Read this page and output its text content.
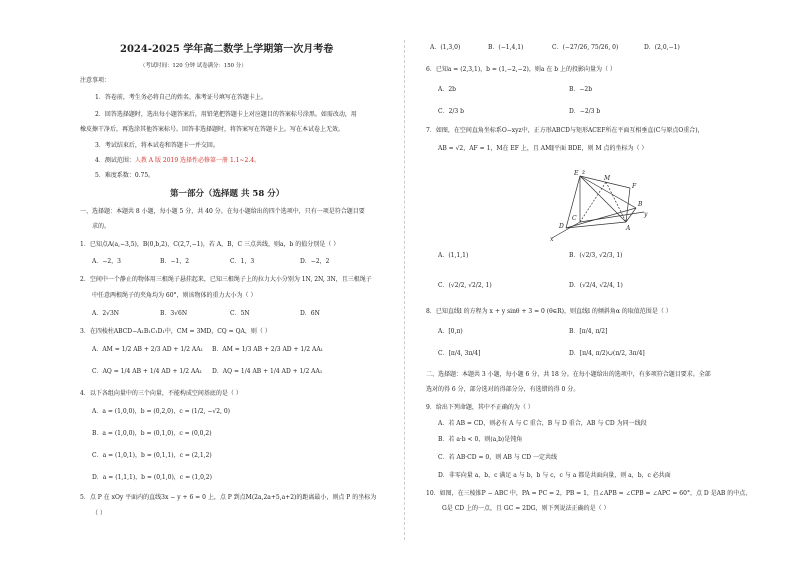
2024-2025 学年高二数学上学期第一次月考卷
（考试时间：120 分钟 试卷满分：150 分）
注意事项：
1．答卷前，考生务必将自己的姓名、准考证号填写在答题卡上。
2．回答选择题时，选出每小题答案后，用铅笔把答题卡上对应题目的答案标号涂黑。如需改动，用
橡皮擦干净后，再选涂其他答案标号。回答非选择题时，将答案写在答题卡上。写在本试卷上无效。
3．考试结束后，将本试卷和答题卡一并交回。
4．测试范围：人教 A 版 2019 选择性必修第一册 1.1~2.4。
5．难度系数：0.75。
第一部分（选择题 共 58 分）
一、选择题：本题共 8 小题，每小题 5 分，共 40 分。在每小题给出的四个选项中，只有一项是符合题目要
求的。
1．已知点A(a,−3,5)，B(0,b,2)，C(2,7,−1)，若 A，B，C 三点共线，则a，b 的值分别是（ ）
A．−2，3	B．−1，2	C．1，3	D．−2，2
2．空间中一个静止的物体用三根绳子悬挂起来，已知三根绳子上的拉力大小分别为 1N, 2N, 3N，且三根绳子
中任意两根绳子的夹角均为 60°，则该物体的重力大小为（ ）
A．2√3N	B．3√6N	C．5N	D．6N
3．在四棱柱ABCD−A₁B₁C₁D₁中，CM = 3MD，CQ = QA，则（ ）
A．AM = 1/2 AB + 2/3 AD + 1/2 AA₁ B．AM = 1/3 AB + 2/3 AD + 1/2 AA₁
C．AQ = 1/4 AB + 1/4 AD + 1/2 AA₁ D．AQ = 1/4 AB + 1/4 AD + 1/2 AA₁
4．以下各组向量中的三个向量，不能构成空间基底的是（ ）
A．a = (1,0,0)，b = (0,2,0)，c = (1/2, −√2, 0)
B．a = (1,0,0)，b = (0,1,0)，c = (0,0,2)
C．a = (1,0,1)，b = (0,1,1)，c = (2,1,2)
D．a = (1,1,1)，b = (0,1,0)，c = (1,0,2)
5．点 P 在 xOy 平面内的直线3x − y + 6 = 0 上，点 P 到点M(2a,2a+5,a+2)的距离最小，则点 P 的坐标为
（ ）
A．(1,3,0)	B．(−1,4,1)	C．(−27/26, 75/26, 0)	D．(2,0,−1)
6．已知a = (2,3,1)，b = (1,−2,−2)，则a 在 b 上的投影向量为（ ）
A．2b	B．−2b
C．2/3 b	D．−2/3 b
7．如图，在空间直角坐标系O−xyz中，正方形ABCD与矩形ACEF所在平面互相垂直(C与原点O重合)，
AB = √2，AF = 1，M在 EF 上，且 AM∥平面 BDE，则 M 点的坐标为（ ）
E
F
M
C
D	A
B
y
x
z
A．(1,1,1)	B．(√2/3, √2/3, 1)
C．(√2/2, √2/2, 1)	D．(√2/4, √2/4, 1)
8．已知直线l 的方程为 x + y sinθ + 3 = 0 (θ∈R)，则直线l 的倾斜角α 的取值范围是（ ）
A．[0,π)	B．[π/4, π/2]
C．[π/4, 3π/4]	D．[π/4, π/2)∪(π/2, 3π/4]
二、选择题：本题共 3 小题，每小题 6 分，共 18 分。在每小题给出的选项中，有多项符合题目要求。全部
选对的得 6 分，部分选对的得部分分，有选错的得 0 分。
9．给出下列命题，其中不正确的为（ ）
A．若 AB = CD，则必有 A 与 C 重合，B 与 D 重合，AB 与 CD 为同一线段
B．若 a·b < 0，则⟨a,b⟩是钝角
C．若 AB·CD = 0，则 AB 与 CD 一定共线
D．非零向量 a，b，c 满足 a 与 b，b 与 c，c 与 a 都是共面向量，则 a，b，c 必共面
10．如图，在三棱锥P − ABC 中，PA = PC = 2，PB = 1，且∠APB = ∠CPB = ∠APC = 60°，点 D 是AB 的中点，
G是 CD 上的一点，且 GC = 2DG，则下列说法正确的是（ ）
